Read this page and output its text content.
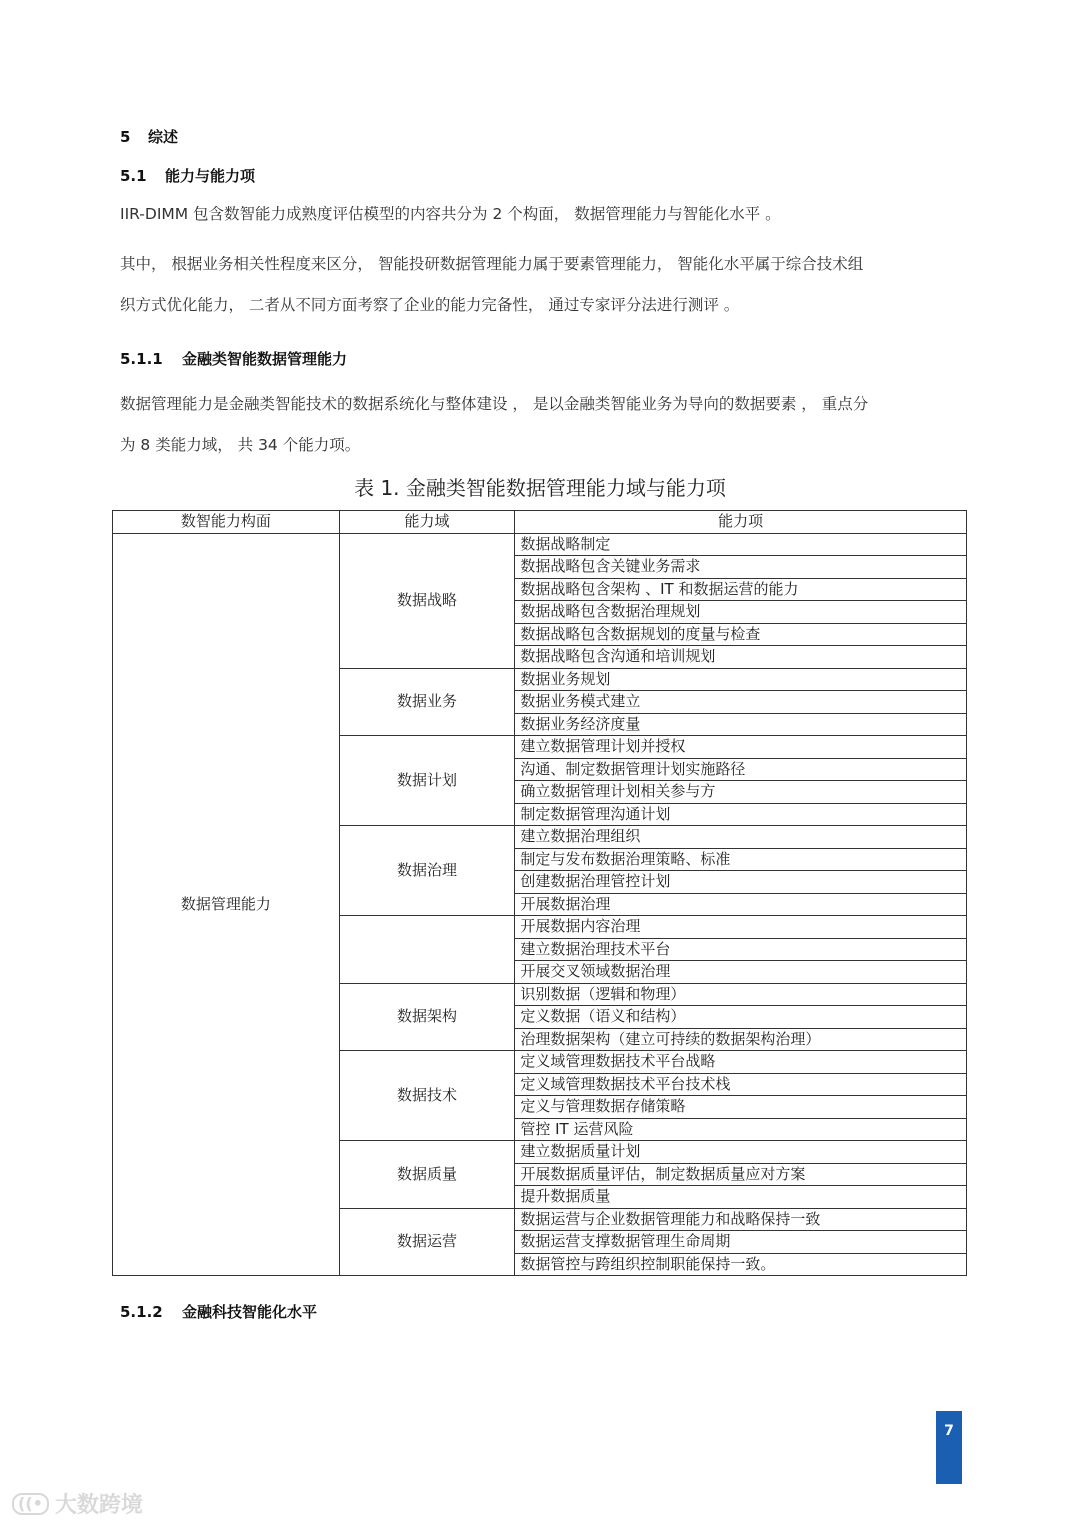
5 综述
5.1 能力与能力项
IIR-DIMM 包含数智能力成熟度评估模型的内容共分为 2 个构面， 数据管理能力与智能化水平 。
其中， 根据业务相关性程度来区分， 智能投研数据管理能力属于要素管理能力， 智能化水平属于综合技术组
织方式优化能力， 二者从不同方面考察了企业的能力完备性， 通过专家评分法进行测评 。
5.1.1 金融类智能数据管理能力
数据管理能力是金融类智能技术的数据系统化与整体建设 ， 是以金融类智能业务为导向的数据要素 ， 重点分
为 8 类能力域， 共 34 个能力项。
表 1. 金融类智能数据管理能力域与能力项
数智能力构面	能力域	能力项
数据管理能力	数据战略	数据战略制定
		数据战略包含关键业务需求
		数据战略包含架构 、IT 和数据运营的能力
		数据战略包含数据治理规划
		数据战略包含数据规划的度量与检查
		数据战略包含沟通和培训规划
	数据业务	数据业务规划
		数据业务模式建立
		数据业务经济度量
	数据计划	建立数据管理计划并授权
		沟通、制定数据管理计划实施路径
		确立数据管理计划相关参与方
		制定数据管理沟通计划
	数据治理	建立数据治理组织
		制定与发布数据治理策略、标准
		创建数据治理管控计划
		开展数据治理
		开展数据内容治理
		建立数据治理技术平台
		开展交叉领域数据治理
	数据架构	识别数据（逻辑和物理）
		定义数据（语义和结构）
		治理数据架构（建立可持续的数据架构治理）
	数据技术	定义域管理数据技术平台战略
		定义域管理数据技术平台技术栈
		定义与管理数据存储策略
		管控 IT 运营风险
	数据质量	建立数据质量计划
		开展数据质量评估，制定数据质量应对方案
		提升数据质量
	数据运营	数据运营与企业数据管理能力和战略保持一致
		数据运营支撑数据管理生命周期
		数据管控与跨组织控制职能保持一致。
5.1.2 金融科技智能化水平
7
((• 大数跨境
